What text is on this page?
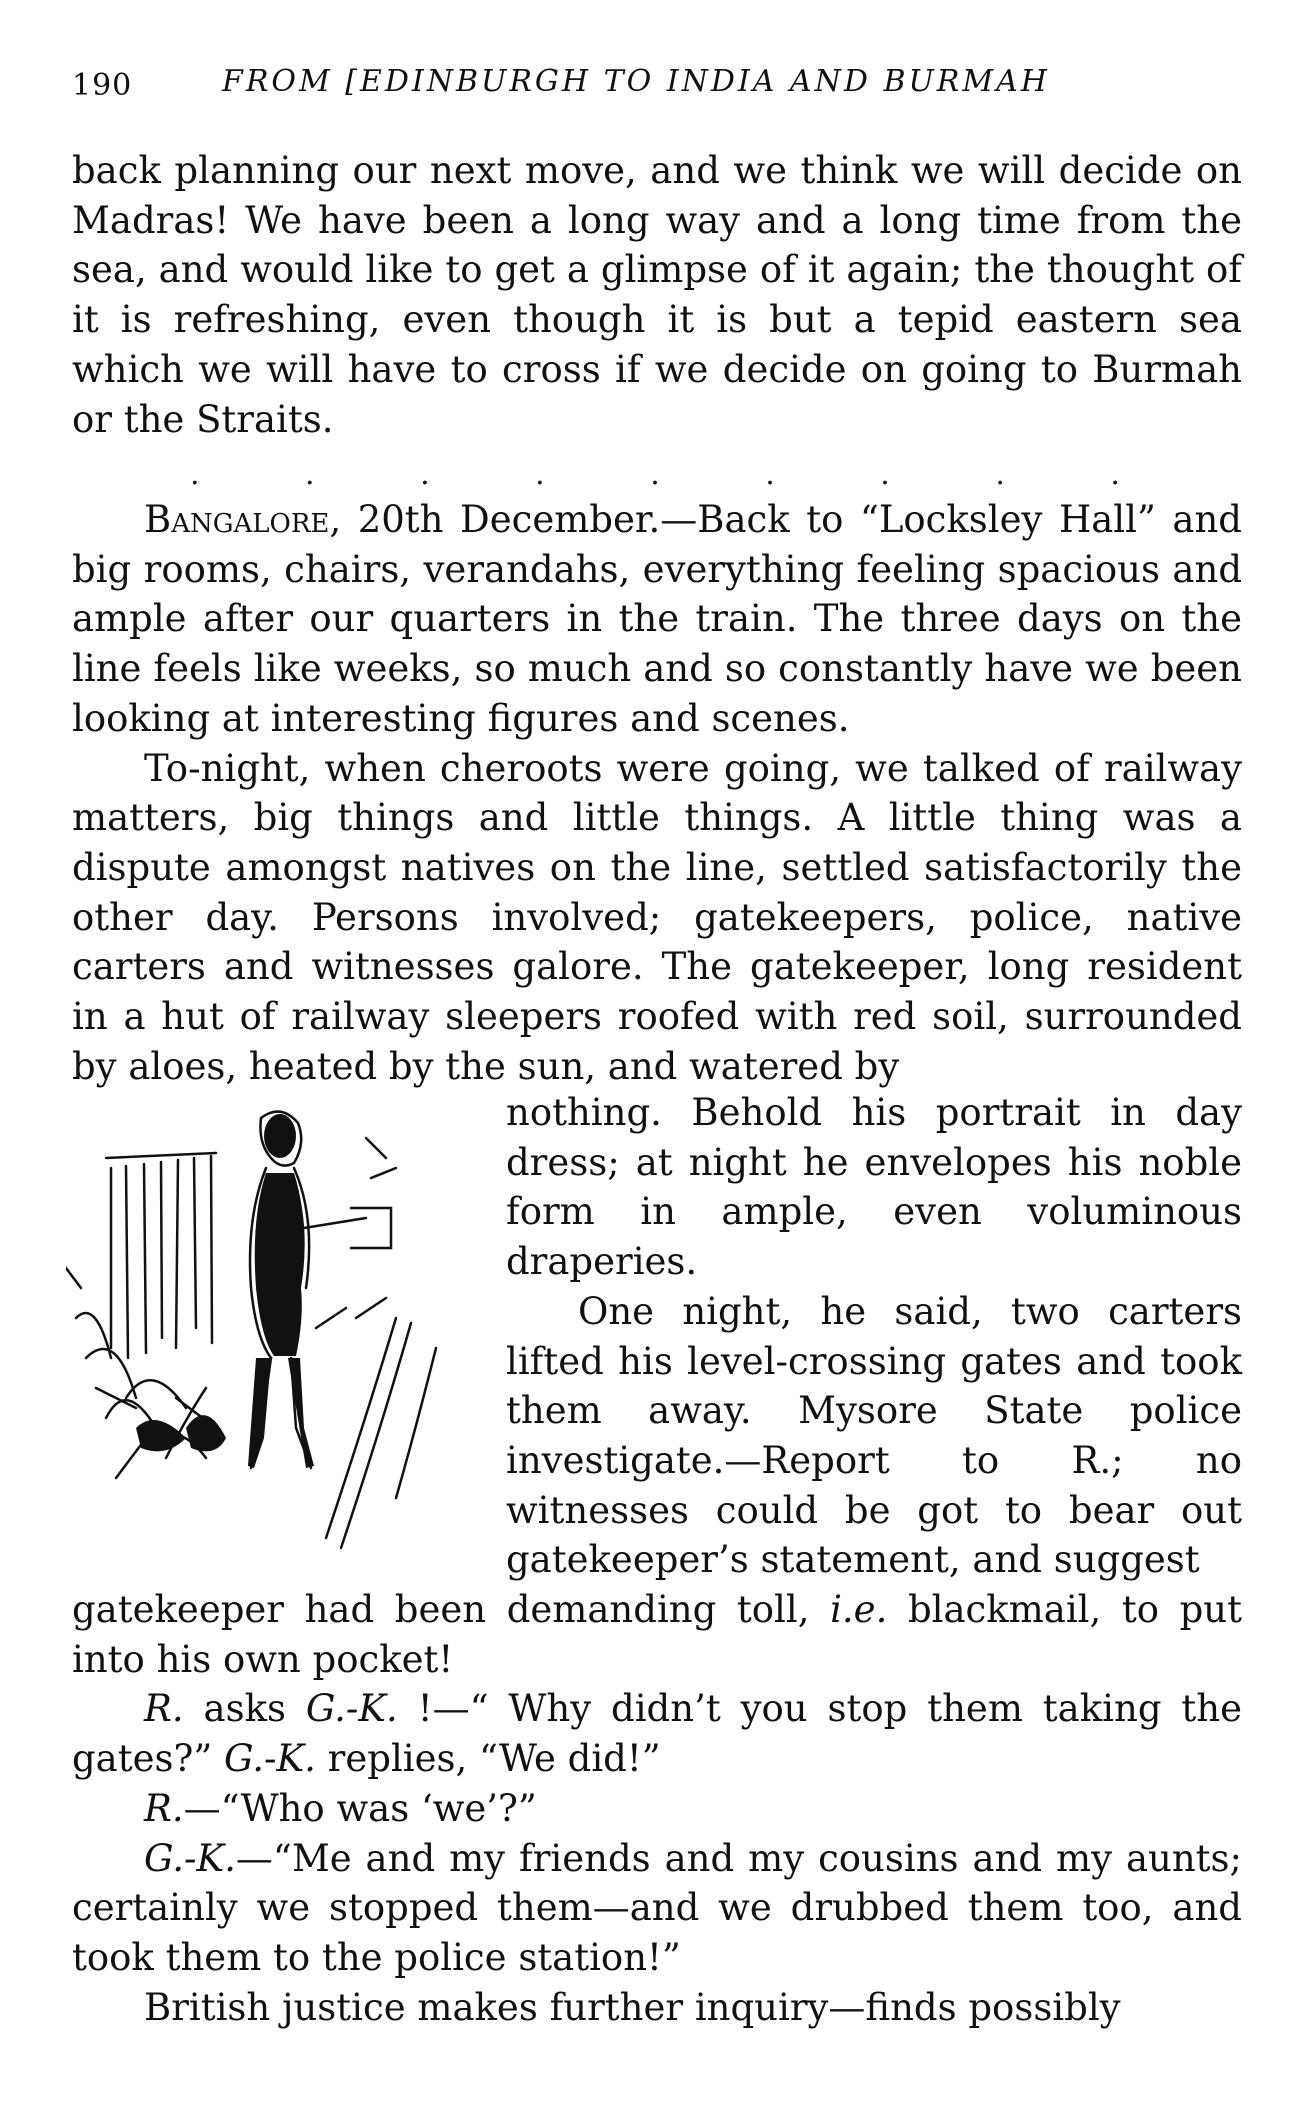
190	FROM [EDINBURGH TO INDIA AND BURMAH

back planning our next move, and we think we will decide on Madras! We have been a long way and a long time from the sea, and would like to get a glimpse of it again; the thought of it is refreshing, even though it is but a tepid eastern sea which we will have to cross if we decide on going to Burmah or the Straits.

.	.	.	.	.	.	.	.	.

Bangalore, 20th December.—Back to “Locksley Hall” and big rooms, chairs, verandahs, everything feeling spacious and ample after our quarters in the train. The three days on the line feels like weeks, so much and so constantly have we been looking at interesting figures and scenes.

To-night, when cheroots were going, we talked of railway matters, big things and little things. A little thing was a dispute amongst natives on the line, settled satisfactorily the other day. Persons involved; gatekeepers, police, native carters and witnesses galore. The gatekeeper, long resident in a hut of railway sleepers roofed with red soil, surrounded by aloes, heated by the sun, and watered by

nothing. Behold his portrait in day dress; at night he envelopes his noble form in ample, even voluminous draperies.

One night, he said, two carters lifted his level-crossing gates and took them away. Mysore State police investigate.—Report to R.; no witnesses could be got to bear out gatekeeper’s statement, and suggest

gatekeeper had been demanding toll, i.e. blackmail, to put into his own pocket!

R. asks G.-K. !—“ Why didn’t you stop them taking the gates?” G.-K. replies, “We did!”

R.—“Who was ‘we’?”

G.-K.—“Me and my friends and my cousins and my aunts; certainly we stopped them—and we drubbed them too, and took them to the police station!”

British justice makes further inquiry—finds possibly
